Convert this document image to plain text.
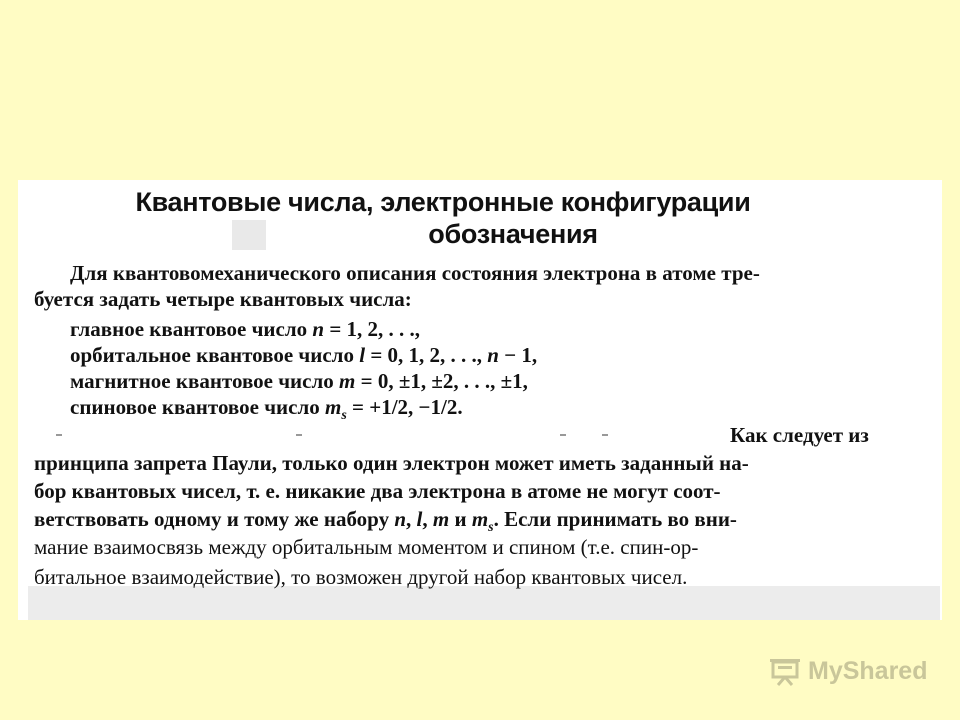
Квантовые числа, электронные конфигурации
обозначения
Для квантовомеханического описания состояния электрона в атоме тре-
буется задать четыре квантовых числа:
главное квантовое число n = 1, 2, . . .,
орбитальное квантовое число l = 0, 1, 2, . . ., n − 1,
магнитное квантовое число m = 0, ±1, ±2, . . ., ±1,
спиновое квантовое число $m_s = +1/2$, −1/2.
Как следует из
принципа запрета Паули, только один электрон может иметь заданный на-
бор квантовых чисел, т. е. никакие два электрона в атоме не могут соот-
ветствовать одному и тому же набору n, l, m и $m_s$. Если принимать во вни-
мание взаимосвязь между орбитальным моментом и спином (т.е. спин-ор-
битальное взаимодействие), то возможен другой набор квантовых чисел.
MyShared
